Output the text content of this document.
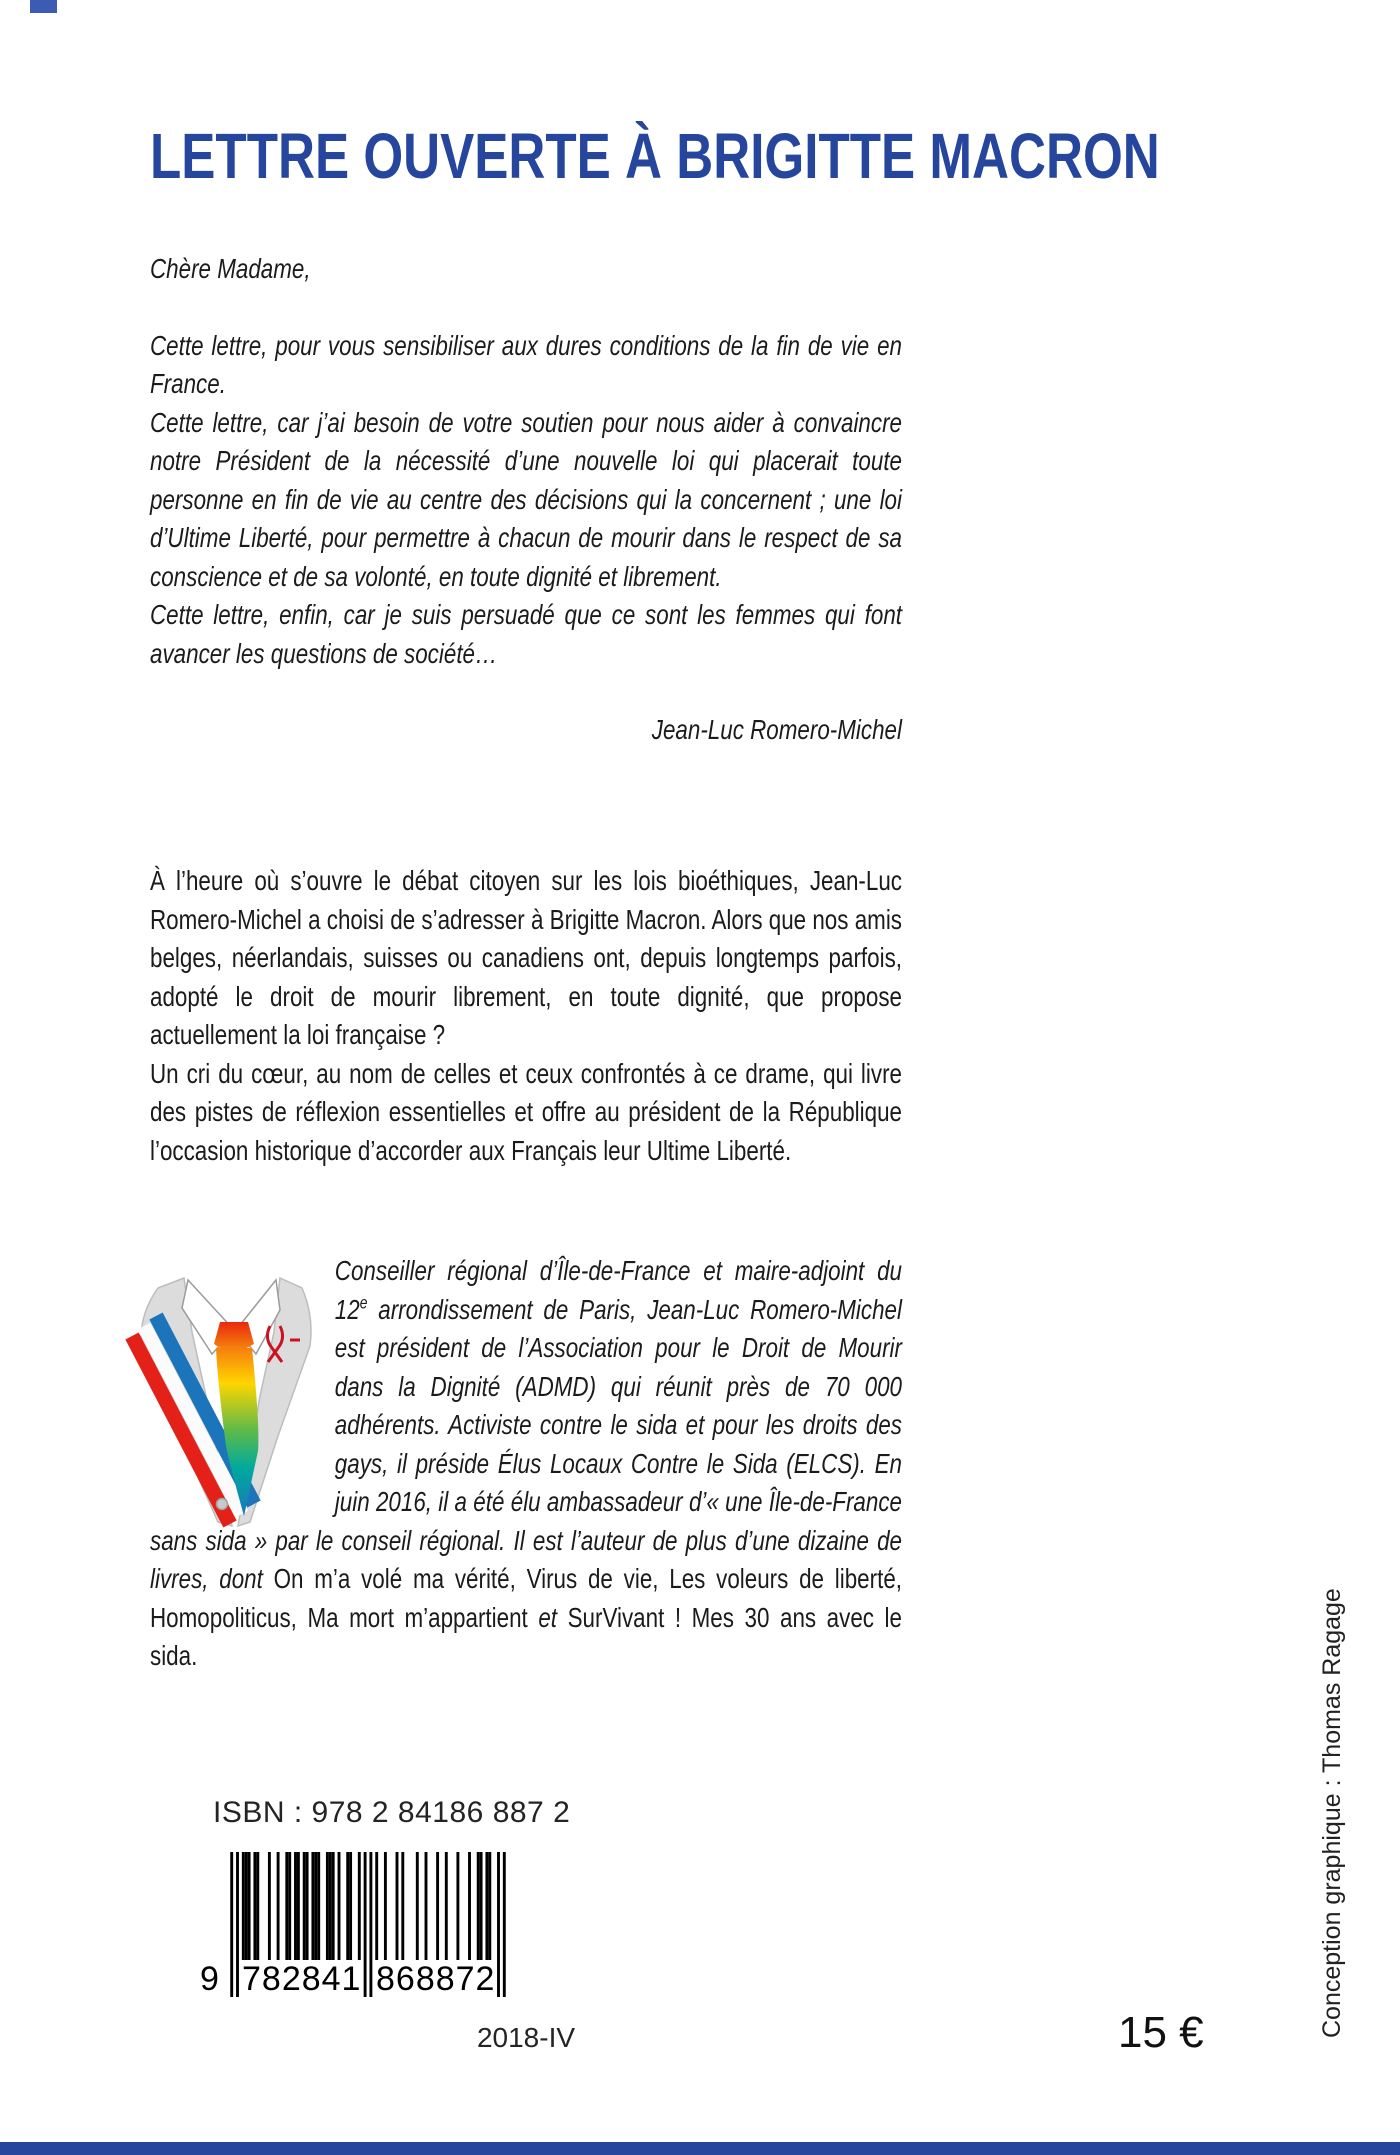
LETTRE OUVERTE À BRIGITTE MACRON

Chère Madame,

Cette lettre, pour vous sensibiliser aux dures conditions de la fin de vie en France.

Cette lettre, car j’ai besoin de votre soutien pour nous aider à convaincre notre Président de la nécessité d’une nouvelle loi qui placerait toute personne en fin de vie au centre des décisions qui la concernent ; une loi d’Ultime Liberté, pour permettre à chacun de mourir dans le respect de sa conscience et de sa volonté, en toute dignité et librement.

Cette lettre, enfin, car je suis persuadé que ce sont les femmes qui font avancer les questions de société…

Jean-Luc Romero-Michel

À l’heure où s’ouvre le débat citoyen sur les lois bioéthiques, Jean-Luc Romero-Michel a choisi de s’adresser à Brigitte Macron. Alors que nos amis belges, néerlandais, suisses ou canadiens ont, depuis longtemps parfois, adopté le droit de mourir librement, en toute dignité, que propose actuellement la loi française ?

Un cri du cœur, au nom de celles et ceux confrontés à ce drame, qui livre des pistes de réflexion essentielles et offre au président de la République l’occasion historique d’accorder aux Français leur Ultime Liberté.

Conseiller régional d’Île-de-France et maire-adjoint du 12e arrondissement de Paris, Jean-Luc Romero-Michel est président de l’Association pour le Droit de Mourir dans la Dignité (ADMD) qui réunit près de 70 000 adhérents. Activiste contre le sida et pour les droits des gays, il préside Élus Locaux Contre le Sida (ELCS). En juin 2016, il a été élu ambassadeur d’« une Île-de-France sans sida » par le conseil régional. Il est l’auteur de plus d’une dizaine de livres, dont On m’a volé ma vérité, Virus de vie, Les voleurs de liberté, Homopoliticus, Ma mort m’appartient et SurVivant ! Mes 30 ans avec le sida.

ISBN : 978 2 84186 887 2
9 782841 868872
2018-IV	15 €	Conception graphique : Thomas Ragage
